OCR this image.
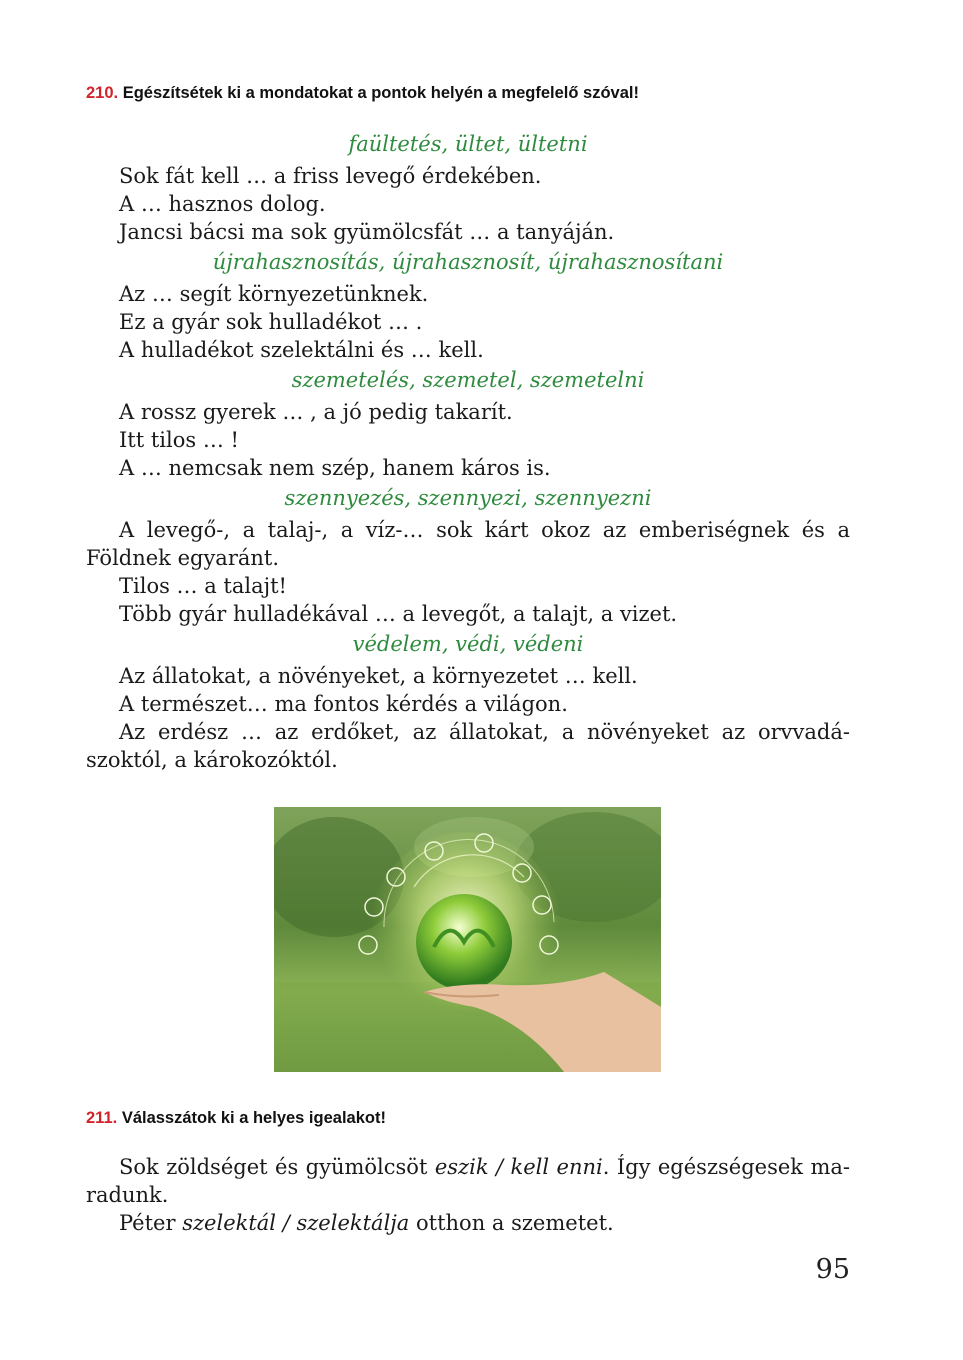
210. Egészítsétek ki a mondatokat a pontok helyén a megfelelő szóval!
faültetés, ültet, ültetni

Sok fát kell … a friss levegő érdekében.

A … hasznos dolog.

Jancsi bácsi ma sok gyümölcsfát … a tanyáján.

újrahasznosítás, újrahasznosít, újrahasznosítani

Az … segít környezetünknek.

Ez a gyár sok hulladékot … .

A hulladékot szelektálni és … kell.

szemetelés, szemetel, szemetelni

A rossz gyerek … , a jó pedig takarít.

Itt tilos … !

A … nemcsak nem szép, hanem káros is.

szennyezés, szennyezi, szennyezni

A levegő-, a talaj-, a víz-… sok kárt okoz az emberiségnek és a Földnek egyaránt.

Tilos … a talajt!

Több gyár hulladékával … a levegőt, a talajt, a vizet.

védelem, védi, védeni

Az állatokat, a növényeket, a környezetet … kell.

A természet… ma fontos kérdés a világon.

Az erdész … az erdőket, az állatokat, a növényeket az orvvadá-szoktól, a károkozóktól.

211. Válasszátok ki a helyes igealakot!

Sok zöldséget és gyümölcsöt eszik / kell enni. Így egészségesek ma-radunk.

Péter szelektál / szelektálja otthon a szemetet.

95
